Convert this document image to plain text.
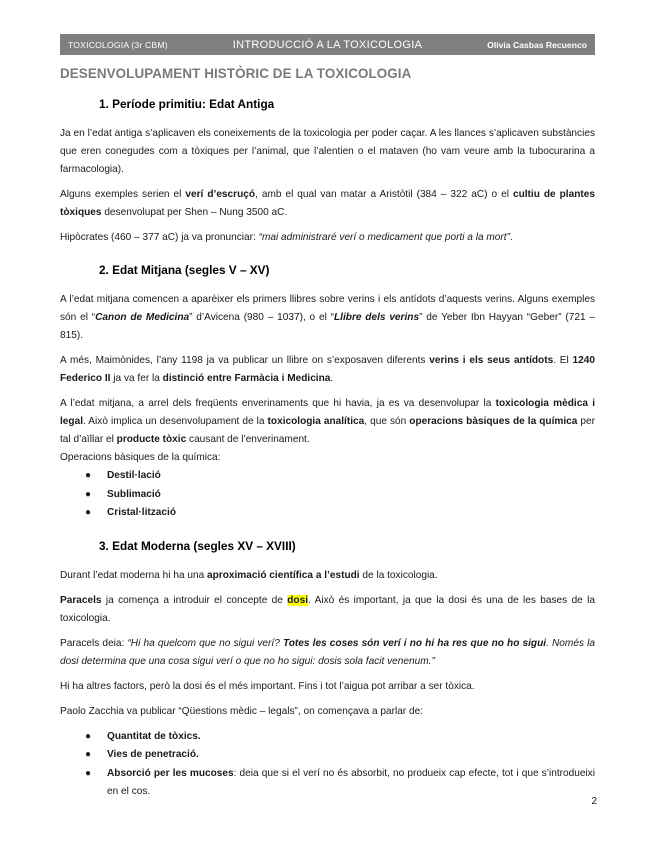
TOXICOLOGIA (3r CBM)	INTRODUCCIÓ A LA TOXICOLOGIA	Olivia Casbas Recuenco
DESENVOLUPAMENT HISTÒRIC DE LA TOXICOLOGIA
1. Període primitiu: Edat Antiga

Ja en l’edat antiga s’aplicaven els coneixements de la toxicologia per poder caçar. A les llances s’aplicaven substàncies que eren conegudes com a tòxiques per l’animal, que l’alentien o el mataven (ho vam veure amb la tubocurarina a farmacologia).

Alguns exemples serien el verí d’escruçó, amb el qual van matar a Aristòtil (384 – 322 aC) o el cultiu de plantes tòxiques desenvolupat per Shen – Nung 3500 aC.

Hipòcrates (460 – 377 aC) ja va pronunciar: “mai administraré verí o medicament que porti a la mort”.

2. Edat Mitjana (segles V – XV)

A l’edat mitjana comencen a aparèixer els primers llibres sobre verins i els antídots d’aquests verins. Alguns exemples són el “Canon de Medicina” d’Avicena (980 – 1037), o el “Llibre dels verins” de Yeber Ibn Hayyan “Geber” (721 – 815).

A més, Maimònides, l’any 1198 ja va publicar un llibre on s’exposaven diferents verins i els seus antídots. El 1240 Federico II ja va fer la distinció entre Farmàcia i Medicina.

A l’edat mitjana, a arrel dels freqüents enverinaments que hi havia, ja es va desenvolupar la toxicologia mèdica i legal. Això implica un desenvolupament de la toxicologia analítica, que són operacions bàsiques de la química per tal d’aïllar el producte tòxic causant de l’enverinament.

Operacions bàsiques de la química:

● Destil·lació
● Sublimació
● Cristal·lització
3. Edat Moderna (segles XV – XVIII)

Durant l’edat moderna hi ha una aproximació científica a l’estudi de la toxicologia.

Paracels ja comença a introduir el concepte de dosi. Això és important, ja que la dosi és una de les bases de la toxicologia.

Paracels deia: “Hi ha quelcom que no sigui verí? Totes les coses són verí i no hi ha res que no ho sigui. Només la dosi determina que una cosa sigui verí o que no ho sigui: dosis sola facit venenum.”

Hi ha altres factors, però la dosi és el més important. Fins i tot l’aigua pot arribar a ser tòxica.

Paolo Zacchia va publicar “Qüestions mèdic – legals”, on començava a parlar de:

● Quantitat de tòxics.
● Vies de penetració.
● Absorció per les mucoses: deia que si el verí no és absorbit, no produeix cap efecte, tot i que s’introdueixi en el cos.
2
